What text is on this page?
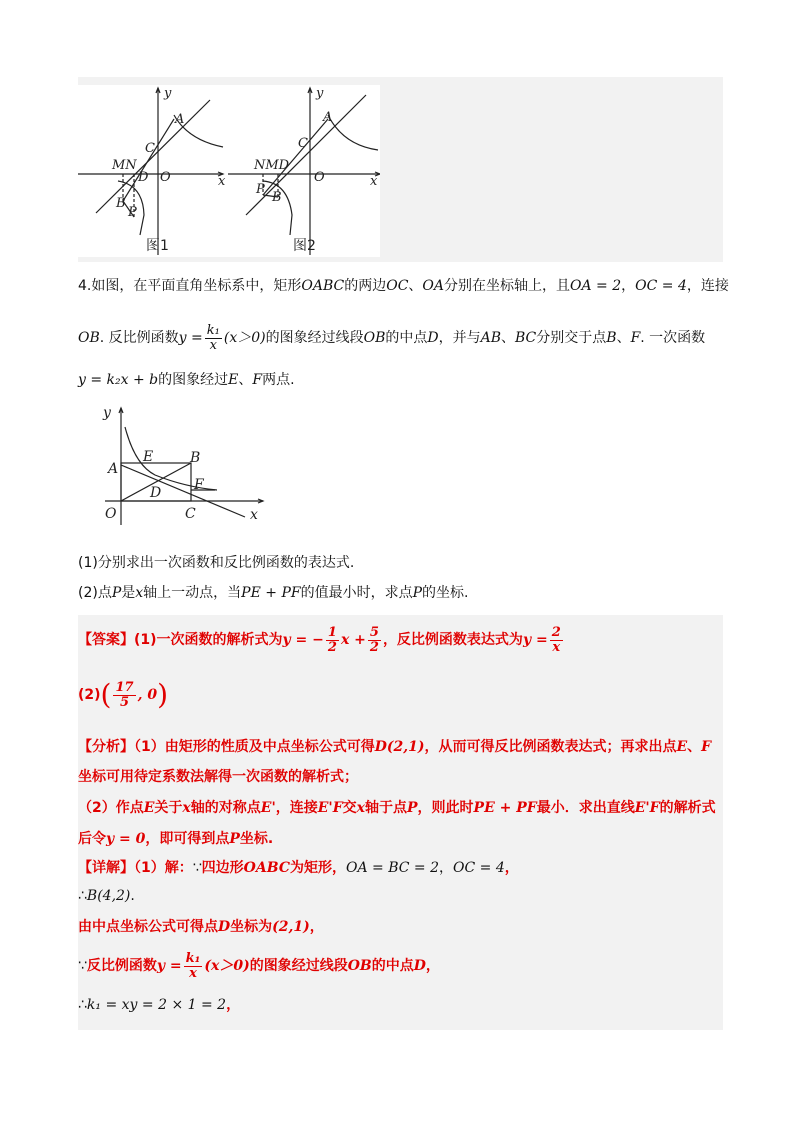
y
x
A
C
MN
D O
B
P
y
x
A
C
NMD
O
P
B
图1	图2
4.如图，在平面直角坐标系中，矩形OABC的两边OC、OA分别在坐标轴上，且OA = 2，OC = 4，连接
OB. 反比例函数$y = \frac{\text{k₁}}{x} (x>0)$的图象经过线段OB的中点D，并与AB、BC分别交于点B、F. 一次函数
y = k₂x + b的图象经过E、F两点.
y
x
A
E	B
D F
O	C
(1)分别求出一次函数和反比例函数的表达式.
(2)点P是x轴上一动点，当PE + PF的值最小时，求点P的坐标.
【答案】(1)一次函数的解析式为y = − $\frac{1}{2}$ $x + \frac{5}{2}$ ，反比例函数表达式为$y = \frac{2}{x}$
$(2)( \frac{17}{5}$ , 0)
【分析】（1）由矩形的性质及中点坐标公式可得D(2,1)，从而可得反比例函数表达式；再求出点E、F
坐标可用待定系数法解得一次函数的解析式；
（2）作点E关于x轴的对称点E'，连接E'F交x轴于点P，则此时PE + PF最小．求出直线E'F的解析式
后令y = 0，即可得到点P坐标.
【详解】（1）解：∵四边形OABC为矩形，OA = BC = 2，OC = 4，
∴B(4,2).
由中点坐标公式可得点D坐标为(2,1)，
∵反比例函数$y = \frac{\text{k₁}}{x} (x>0)$的图象经过线段OB的中点D，
∴k₁ = xy = 2 × 1 = 2，
